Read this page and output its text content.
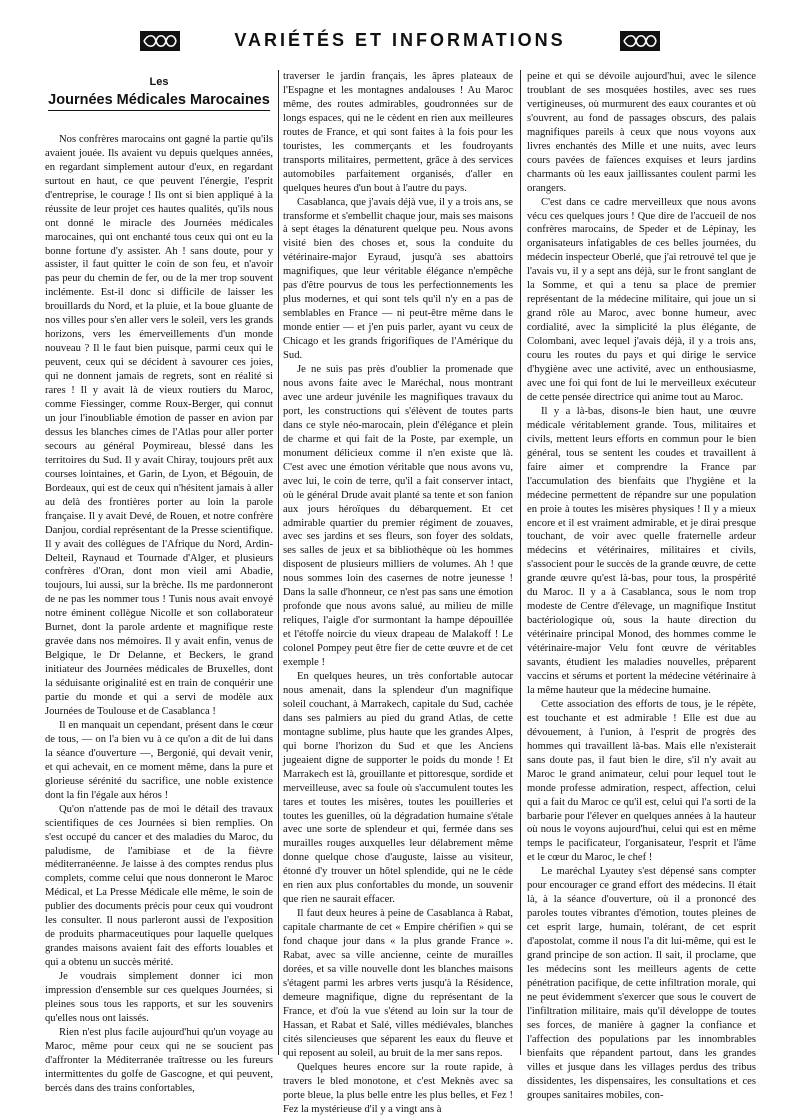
VARIÉTÉS ET INFORMATIONS
Les
Journées Médicales Marocaines

Nos confrères marocains ont gagné la partie qu'ils avaient jouée. Ils avaient vu depuis quelques années, en regardant simplement autour d'eux, en regardant surtout en haut, ce que peuvent l'énergie, l'esprit d'entreprise, le courage ! Ils ont si bien appliqué à la réussite de leur projet ces hautes qualités, qu'ils nous ont donné le miracle des Journées médicales marocaines, qui ont enchanté tous ceux qui ont eu la bonne fortune d'y assister. Ah ! sans doute, pour y assister, il faut quitter le coin de son feu, et n'avoir pas peur du chemin de fer, ou de la mer trop souvent inclémente. Est-il donc si difficile de laisser les brouillards du Nord, et la pluie, et la boue gluante de nos villes pour s'en aller vers le soleil, vers les grands horizons, vers les émerveillements d'un monde nouveau ? Il le faut bien puisque, parmi ceux qui le peuvent, ceux qui se décident à savourer ces joies, qui ne donnent jamais de regrets, sont en réalité si rares ! Il y avait là de vieux routiers du Maroc, comme Fiessinger, comme Roux-Berger, qui connut un jour l'inoubliable émotion de passer en avion par dessus les blanches cimes de l'Atlas pour aller porter secours au général Poymireau, blessé dans les territoires du Sud. Il y avait Chiray, toujours prêt aux courses lointaines, et Garin, de Lyon, et Bégouin, de Bordeaux, qui est de ceux qui n'hésitent jamais à aller au delà des frontières porter au loin la parole française. Il y avait Devé, de Rouen, et notre confrère Danjou, cordial représentant de la Presse scientifique. Il y avait des collègues de l'Afrique du Nord, Ardin-Delteil, Raynaud et Tournade d'Alger, et plusieurs confrères d'Oran, dont mon vieil ami Abadie, toujours, lui aussi, sur la brèche. Ils me pardonneront de ne pas les nommer tous ! Tunis nous avait envoyé notre éminent collègue Nicolle et son collaborateur Burnet, dont la parole ardente et magnifique reste gravée dans nos mémoires. Il y avait enfin, venus de Belgique, le Dr Delanne, et Beckers, le grand initiateur des Journées médicales de Bruxelles, dont la séduisante originalité est en train de conquérir une partie du monde et qui a servi de modèle aux Journées de Toulouse et de Casablanca !

Il en manquait un cependant, présent dans le cœur de tous, — on l'a bien vu à ce qu'on a dit de lui dans la séance d'ouverture —, Bergonié, qui devait venir, et qui achevait, en ce moment même, dans la pure et glorieuse sérénité du sacrifice, une noble existence dont la fin l'égale aux héros !

Qu'on n'attende pas de moi le détail des travaux scientifiques de ces Journées si bien remplies. On s'est occupé du cancer et des maladies du Maroc, du paludisme, de l'amibiase et de la fièvre méditerranéenne. Je laisse à des comptes rendus plus complets, comme celui que nous donneront le Maroc Médical, et La Presse Médicale elle même, le soin de publier des documents précis pour ceux qui voudront les consulter. Il nous parleront aussi de l'exposition de produits pharmaceutiques pour laquelle quelques grandes maisons avaient fait des efforts louables et qui a obtenu un succès mérité.

Je voudrais simplement donner ici mon impression d'ensemble sur ces quelques Journées, si pleines sous tous les rapports, et sur les souvenirs qu'elles nous ont laissés.

Rien n'est plus facile aujourd'hui qu'un voyage au Maroc, même pour ceux qui ne se soucient pas d'affronter la Méditerranée traîtresse ou les fureurs intermittentes du golfe de Gascogne, et qui peuvent, bercés dans des trains confortables,

traverser le jardin français, les âpres plateaux de l'Espagne et les montagnes andalouses ! Au Maroc même, des routes admirables, goudronnées sur de longs espaces, qui ne le cèdent en rien aux meilleures routes de France, et qui sont faites à la fois pour les touristes, les commerçants et les foudroyants transports militaires, permettent, grâce à des services automobiles parfaitement organisés, d'aller en quelques heures d'un bout à l'autre du pays.

Casablanca, que j'avais déjà vue, il y a trois ans, se transforme et s'embellit chaque jour, mais ses maisons à sept étages la dénaturent quelque peu. Nous avons visité bien des choses et, sous la conduite du vétérinaire-major Eyraud, jusqu'à ses abattoirs magnifiques, que leur véritable élégance n'empêche pas d'être pourvus de tous les perfectionnements les plus modernes, et qui sont tels qu'il n'y en a pas de semblables en France — ni peut-être même dans le monde entier — et j'en puis parler, ayant vu ceux de Chicago et les grands frigorifiques de l'Amérique du Sud.

Je ne suis pas près d'oublier la promenade que nous avons faite avec le Maréchal, nous montrant avec une ardeur juvénile les magnifiques travaux du port, les constructions qui s'élèvent de toutes parts dans ce style néo-marocain, plein d'élégance et plein de charme et qui fait de la Poste, par exemple, un monument délicieux comme il n'en existe que là. C'est avec une émotion véritable que nous avons vu, avec lui, le coin de terre, qu'il a fait conserver intact, où le général Drude avait planté sa tente et son fanion aux jours héroïques du débarquement. Et cet admirable quartier du premier régiment de zouaves, avec ses jardins et ses fleurs, son foyer des soldats, ses salles de jeux et sa bibliothèque où les hommes disposent de plusieurs milliers de volumes. Ah ! que nous sommes loin des casernes de notre jeunesse ! Dans la salle d'honneur, ce n'est pas sans une émotion profonde que nous avons salué, au milieu de mille reliques, l'aigle d'or surmontant la hampe dépouillée et l'étoffe noircie du vieux drapeau de Malakoff ! Le colonel Pompey peut être fier de cette œuvre et de cet exemple !

En quelques heures, un très confortable autocar nous amenait, dans la splendeur d'un magnifique soleil couchant, à Marrakech, capitale du Sud, cachée dans ses palmiers au pied du grand Atlas, de cette montagne sublime, plus haute que les grandes Alpes, qui borne l'horizon du Sud et que les Anciens jugeaient digne de supporter le poids du monde ! Et Marrakech est là, grouillante et pittoresque, sordide et merveilleuse, avec sa foule où s'accumulent toutes les tares et toutes les misères, toutes les pouilleries et toutes les guenilles, où la dégradation humaine s'étale avec une sorte de splendeur et qui, fermée dans ses murailles rouges auxquelles leur délabrement même donne quelque chose d'auguste, laisse au visiteur, étonné d'y trouver un hôtel splendide, qui ne le cède en rien aux plus confortables du monde, un souvenir que rien ne saurait effacer.

Il faut deux heures à peine de Casablanca à Rabat, capitale charmante de cet « Empire chérifien » qui se fond chaque jour dans « la plus grande France ». Rabat, avec sa ville ancienne, ceinte de murailles dorées, et sa ville nouvelle dont les blanches maisons s'étagent parmi les arbres verts jusqu'à la Résidence, demeure magnifique, digne du représentant de la France, et d'où la vue s'étend au loin sur la tour de Hassan, et Rabat et Salé, villes médiévales, blanches cités silencieuses que séparent les eaux du fleuve et qui reposent au soleil, au bruit de la mer sans repos.

Quelques heures encore sur la route rapide, à travers le bled monotone, et c'est Meknès avec sa porte bleue, la plus belle entre les plus belles, et Fez ! Fez la mystérieuse d'il y a vingt ans à

peine et qui se dévoile aujourd'hui, avec le silence troublant de ses mosquées hostiles, avec ses rues vertigineuses, où murmurent des eaux courantes et où s'ouvrent, au fond de passages obscurs, des palais magnifiques pareils à ceux que nous voyons aux livres enchantés des Mille et une nuits, avec leurs cours pavées de faïences exquises et leurs jardins charmants où les eaux jaillissantes coulent parmi les orangers.

C'est dans ce cadre merveilleux que nous avons vécu ces quelques jours ! Que dire de l'accueil de nos confrères marocains, de Speder et de Lépinay, les organisateurs infatigables de ces belles journées, du médecin inspecteur Oberlé, que j'ai retrouvé tel que je l'avais vu, il y a sept ans déjà, sur le front sanglant de la Somme, et qui a tenu sa place de premier représentant de la médecine militaire, qui joue un si grand rôle au Maroc, avec bonne humeur, avec cordialité, avec la simplicité la plus élégante, de Colombani, avec lequel j'avais déjà, il y a trois ans, couru les routes du pays et qui dirige le service d'hygiène avec une activité, avec un enthousiasme, avec une foi qui font de lui le merveilleux exécuteur de cette pensée directrice qui anime tout au Maroc.

Il y a là-bas, disons-le bien haut, une œuvre médicale véritablement grande. Tous, militaires et civils, mettent leurs efforts en commun pour le bien général, tous se sentent les coudes et travaillent à faire aimer et comprendre la France par l'accumulation des bienfaits que l'hygiène et la médecine permettent de répandre sur une population en proie à toutes les misères physiques ! Il y a mieux encore et il est vraiment admirable, et je dirai presque touchant, de voir avec quelle fraternelle ardeur médecins et vétérinaires, militaires et civils, s'associent pour le succès de la grande œuvre, de cette grande œuvre qu'est là-bas, pour tous, la prospérité du Maroc. Il y a à Casablanca, sous le nom trop modeste de Centre d'élevage, un magnifique Institut bactériologique où, sous la haute direction du vétérinaire principal Monod, des hommes comme le vétérinaire-major Velu font œuvre de véritables savants, étudient les maladies nouvelles, préparent vaccins et sérums et portent la médecine vétérinaire à la même hauteur que la médecine humaine.

Cette association des efforts de tous, je le répète, est touchante et est admirable ! Elle est due au dévouement, à l'union, à l'esprit de progrès des hommes qui travaillent là-bas. Mais elle n'existerait sans doute pas, il faut bien le dire, s'il n'y avait au Maroc le grand animateur, celui pour lequel tout le monde professe admiration, respect, affection, celui qui a fait du Maroc ce qu'il est, celui qui l'a sorti de la barbarie pour l'élever en quelques années à la hauteur où nous le voyons aujourd'hui, celui qui est en même temps le pacificateur, l'organisateur, l'esprit et l'âme et le cœur du Maroc, le chef !

Le maréchal Lyautey s'est dépensé sans compter pour encourager ce grand effort des médecins. Il était là, à la séance d'ouverture, où il a prononcé des paroles toutes vibrantes d'émotion, toutes pleines de cet esprit large, humain, tolérant, de cet esprit d'apostolat, comme il nous l'a dit lui-même, qui est le grand principe de son action. Il sait, il proclame, que les médecins sont les meilleurs agents de cette pénétration pacifique, de cette infiltration morale, qui ne peut évidemment s'exercer que sous le couvert de l'infiltration militaire, mais qu'il développe de toutes ses forces, de manière à gagner la confiance et l'affection des populations par les innombrables bienfaits que répandent partout, dans les grandes villes et jusque dans les villages perdus des tribus dissidentes, les dispensaires, les consultations et ces groupes sanitaires mobiles, con-
